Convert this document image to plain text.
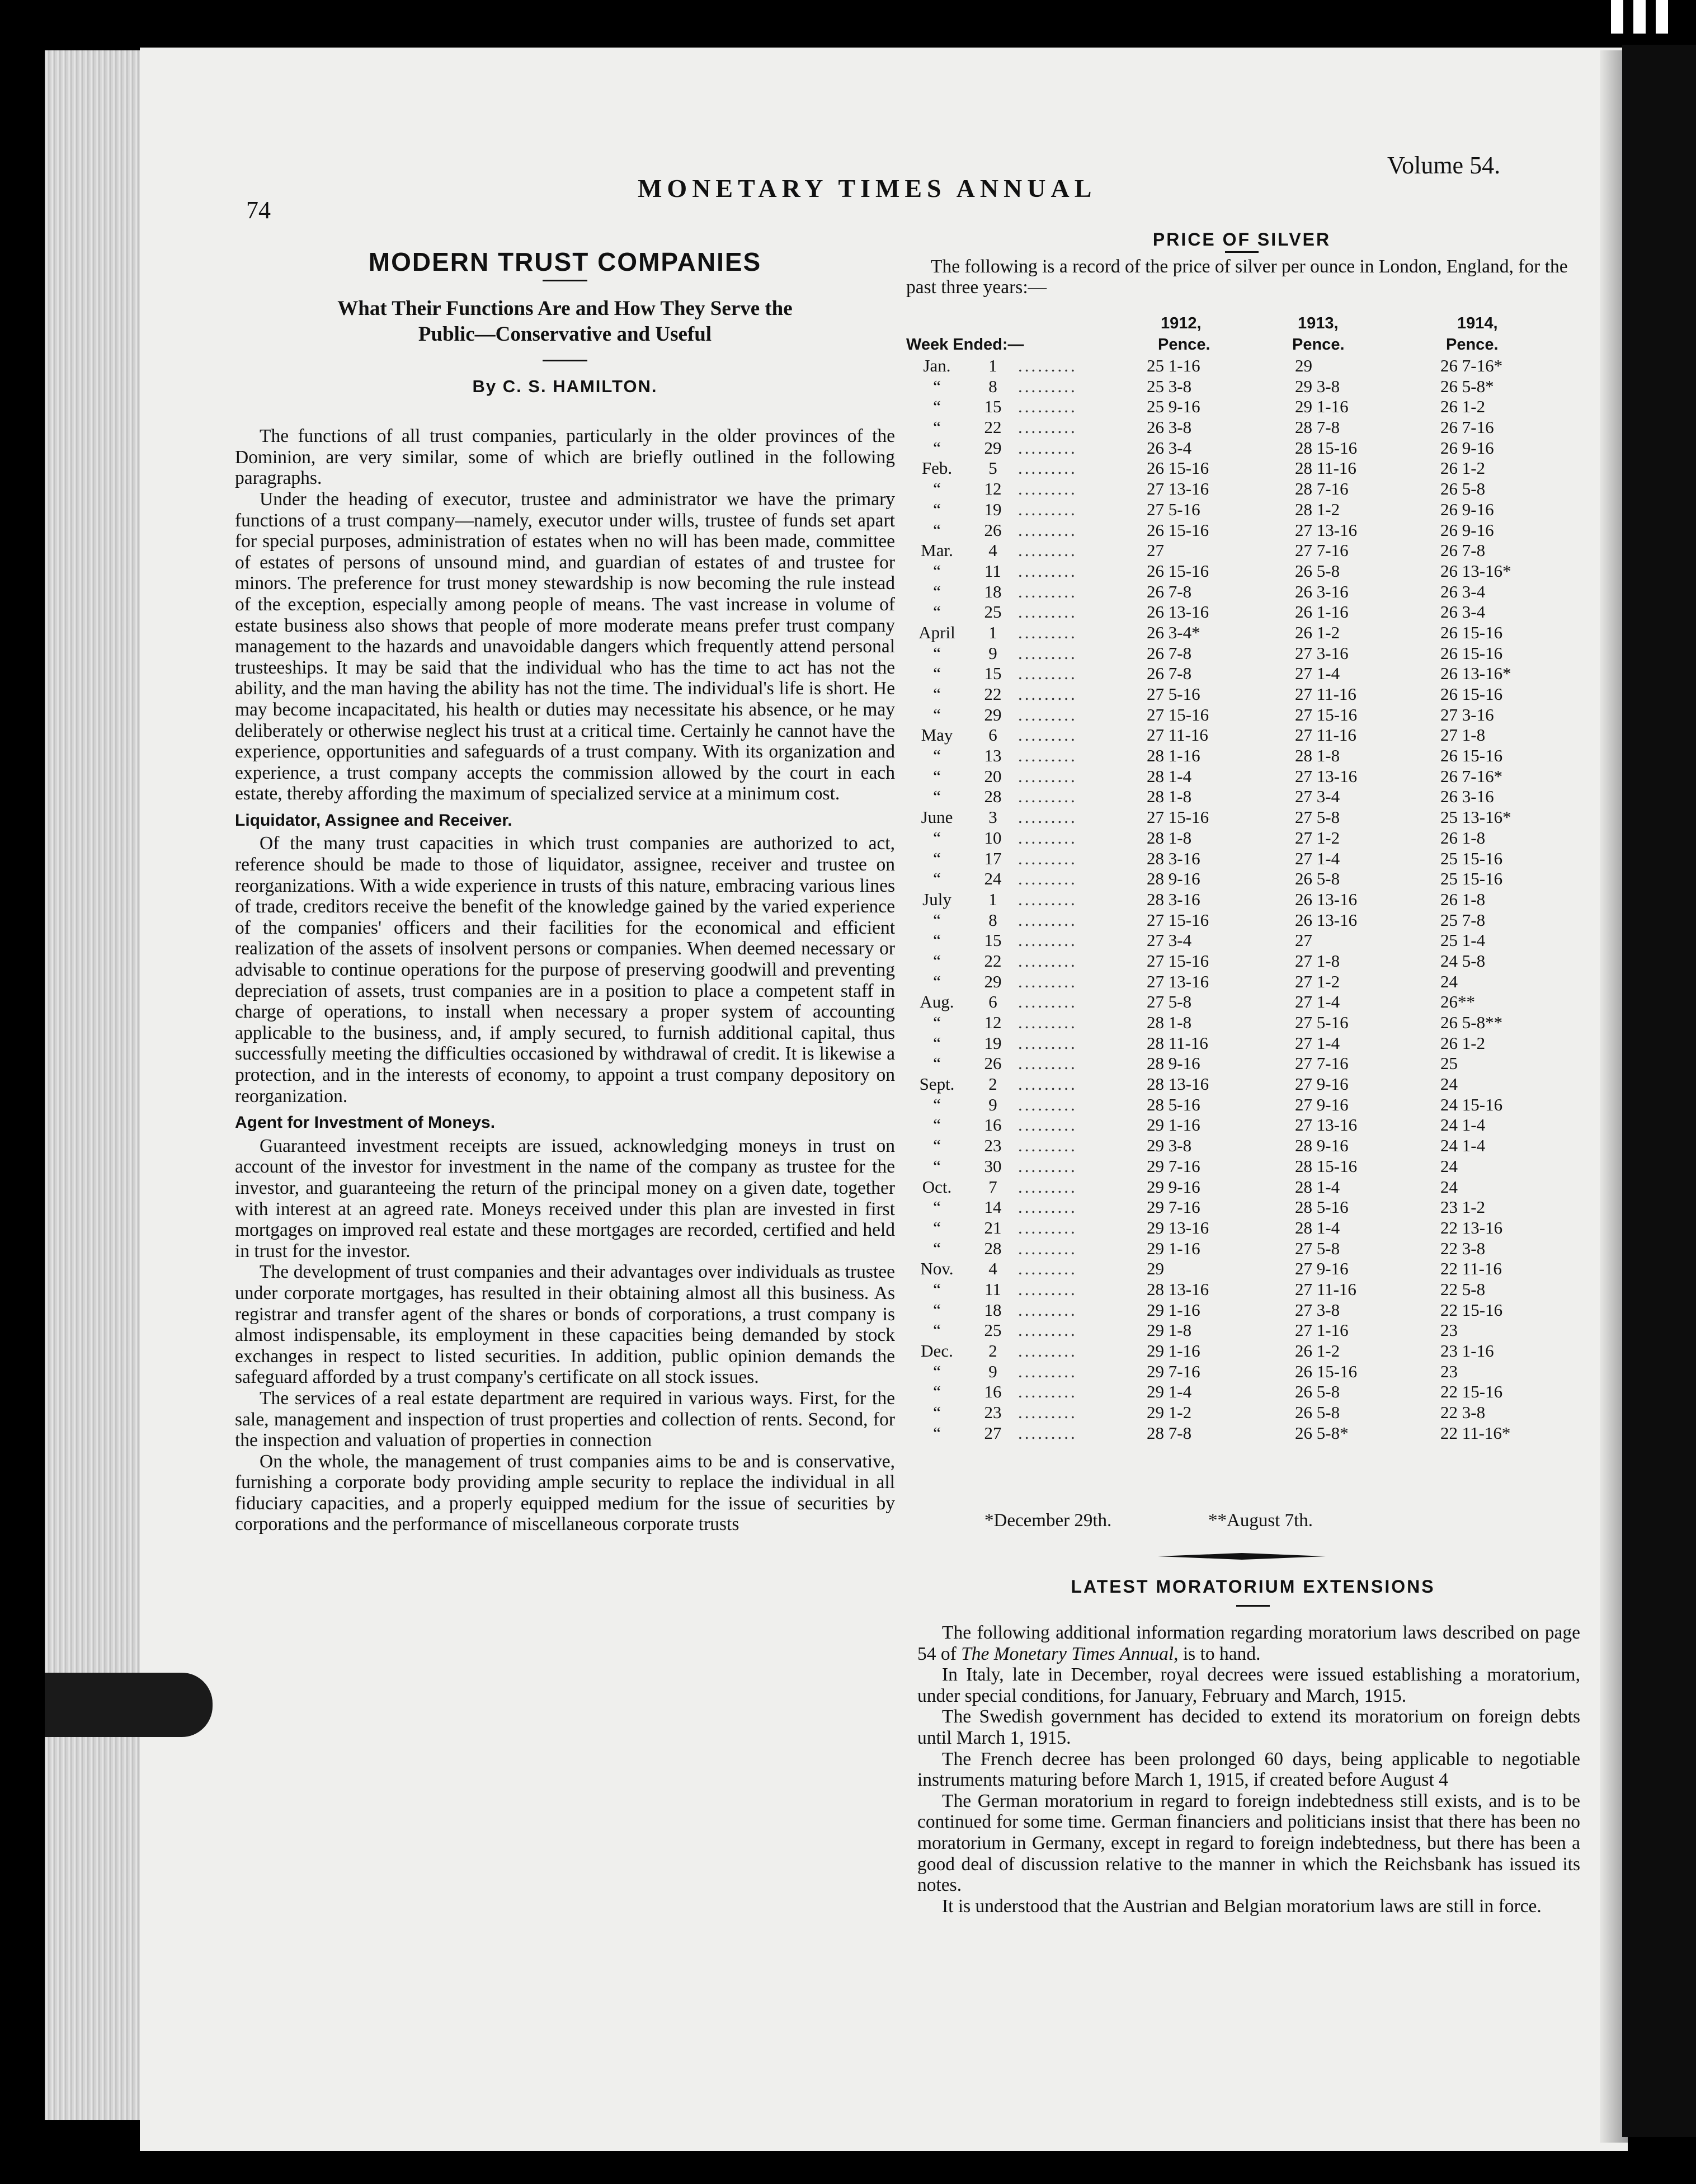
74
MONETARY TIMES ANNUAL
Volume 54.
MODERN TRUST COMPANIES
What Their Functions Are and How They Serve the
Public—Conservative and Useful
By C. S. HAMILTON.

The functions of all trust companies, particularly in the older provinces of the Dominion, are very similar, some of which are briefly outlined in the following paragraphs.

Under the heading of executor, trustee and administrator we have the primary functions of a trust company—namely, executor under wills, trustee of funds set apart for special purposes, administration of estates when no will has been made, committee of estates of persons of unsound mind, and guardian of estates of and trustee for minors. The preference for trust money stewardship is now becoming the rule instead of the exception, especially among people of means. The vast increase in volume of estate business also shows that people of more moderate means prefer trust company management to the hazards and unavoidable dangers which frequently attend personal trusteeships. It may be said that the individual who has the time to act has not the ability, and the man having the ability has not the time. The individual's life is short. He may become incapacitated, his health or duties may necessitate his absence, or he may deliberately or otherwise neglect his trust at a critical time. Certainly he cannot have the experience, opportunities and safeguards of a trust company. With its organization and experience, a trust company accepts the commission allowed by the court in each estate, thereby affording the maximum of specialized service at a minimum cost.

Liquidator, Assignee and Receiver.

Of the many trust capacities in which trust companies are authorized to act, reference should be made to those of liquidator, assignee, receiver and trustee on reorganizations. With a wide experience in trusts of this nature, embracing various lines of trade, creditors receive the benefit of the knowledge gained by the varied experience of the companies' officers and their facilities for the economical and efficient realization of the assets of insolvent persons or companies. When deemed necessary or advisable to continue operations for the purpose of preserving goodwill and preventing depreciation of assets, trust companies are in a position to place a competent staff in charge of operations, to install when necessary a proper system of accounting applicable to the business, and, if amply secured, to furnish additional capital, thus successfully meeting the difficulties occasioned by withdrawal of credit. It is likewise a protection, and in the interests of economy, to appoint a trust company depository on reorganization.

Agent for Investment of Moneys.

Guaranteed investment receipts are issued, acknowledging moneys in trust on account of the investor for investment in the name of the company as trustee for the investor, and guaranteeing the return of the principal money on a given date, together with interest at an agreed rate. Moneys received under this plan are invested in first mortgages on improved real estate and these mortgages are recorded, certified and held in trust for the investor.

The development of trust companies and their advantages over individuals as trustee under corporate mortgages, has resulted in their obtaining almost all this business. As registrar and transfer agent of the shares or bonds of corporations, a trust company is almost indispensable, its employment in these capacities being demanded by stock exchanges in respect to listed securities. In addition, public opinion demands the safeguard afforded by a trust company's certificate on all stock issues.

The services of a real estate department are required in various ways. First, for the sale, management and inspection of trust properties and collection of rents. Second, for the inspection and valuation of properties in connection

On the whole, the management of trust companies aims to be and is conservative, furnishing a corporate body providing ample security to replace the individual in all fiduciary capacities, and a properly equipped medium for the issue of securities by corporations and the performance of miscellaneous corporate trusts

PRICE OF SILVER

The following is a record of the price of silver per ounce in London, England, for the past three years:—

1912,	1913,	1914,
Week Ended:—	Pence.	Pence.	Pence.
Jan.	1	.........	25 1-16	29	26 7-16*
“	8	.........	25 3-8	29 3-8	26 5-8*
“	15 .........	25 9-16	29 1-16	26 1-2
“	22 .........	26 3-8	28 7-8	26 7-16
“	29 .........	26 3-4	28 15-16	26 9-16
Feb.	5	.........	26 15-16	28 11-16	26 1-2
“	12 .........	27 13-16	28 7-16	26 5-8
“	19 .........	27 5-16	28 1-2	26 9-16
“	26 .........	26 15-16	27 13-16	26 9-16
Mar.	4	.........	27	27 7-16	26 7-8
“	11 .........	26 15-16	26 5-8	26 13-16*
“	18 .........	26 7-8	26 3-16	26 3-4
“	25 .........	26 13-16	26 1-16	26 3-4
April	1	.........	26 3-4*	26 1-2	26 15-16
“	9	.........	26 7-8	27 3-16	26 15-16
“	15 .........	26 7-8	27 1-4	26 13-16*
“	22 .........	27 5-16	27 11-16	26 15-16
“	29 .........	27 15-16	27 15-16	27 3-16
May	6	.........	27 11-16	27 11-16	27 1-8
“	13 .........	28 1-16	28 1-8	26 15-16
“	20 .........	28 1-4	27 13-16	26 7-16*
“	28 .........	28 1-8	27 3-4	26 3-16
June	3	.........	27 15-16	27 5-8	25 13-16*
“	10 .........	28 1-8	27 1-2	26 1-8
“	17 .........	28 3-16	27 1-4	25 15-16
“	24 .........	28 9-16	26 5-8	25 15-16
July	1	.........	28 3-16	26 13-16	26 1-8
“	8	.........	27 15-16	26 13-16	25 7-8
“	15 .........	27 3-4	27	25 1-4
“	22 .........	27 15-16	27 1-8	24 5-8
“	29 .........	27 13-16	27 1-2	24
Aug.	6	.........	27 5-8	27 1-4	26**
“	12 .........	28 1-8	27 5-16	26 5-8**
“	19 .........	28 11-16	27 1-4	26 1-2
“	26 .........	28 9-16	27 7-16	25
Sept.	2	.........	28 13-16	27 9-16	24
“	9	.........	28 5-16	27 9-16	24 15-16
“	16 .........	29 1-16	27 13-16	24 1-4
“	23 .........	29 3-8	28 9-16	24 1-4
“	30 .........	29 7-16	28 15-16	24
Oct.	7	.........	29 9-16	28 1-4	24
“	14 .........	29 7-16	28 5-16	23 1-2
“	21 .........	29 13-16	28 1-4	22 13-16
“	28 .........	29 1-16	27 5-8	22 3-8
Nov.	4	.........	29	27 9-16	22 11-16
“	11 .........	28 13-16	27 11-16	22 5-8
“	18 .........	29 1-16	27 3-8	22 15-16
“	25 .........	29 1-8	27 1-16	23
Dec.	2	.........	29 1-16	26 1-2	23 1-16
“	9	.........	29 7-16	26 15-16	23
“	16 .........	29 1-4	26 5-8	22 15-16
“	23 .........	29 1-2	26 5-8	22 3-8
“	27 .........	28 7-8	26 5-8*	22 11-16*
*December 29th.	**August 7th.
LATEST MORATORIUM EXTENSIONS

The following additional information regarding moratorium laws described on page 54 of The Monetary Times Annual, is to hand.

In Italy, late in December, royal decrees were issued establishing a moratorium, under special conditions, for January, February and March, 1915.

The Swedish government has decided to extend its moratorium on foreign debts until March 1, 1915.

The French decree has been prolonged 60 days, being applicable to negotiable instruments maturing before March 1, 1915, if created before August 4

The German moratorium in regard to foreign indebtedness still exists, and is to be continued for some time. German financiers and politicians insist that there has been no moratorium in Germany, except in regard to foreign indebtedness, but there has been a good deal of discussion relative to the manner in which the Reichsbank has issued its notes.

It is understood that the Austrian and Belgian moratorium laws are still in force.
